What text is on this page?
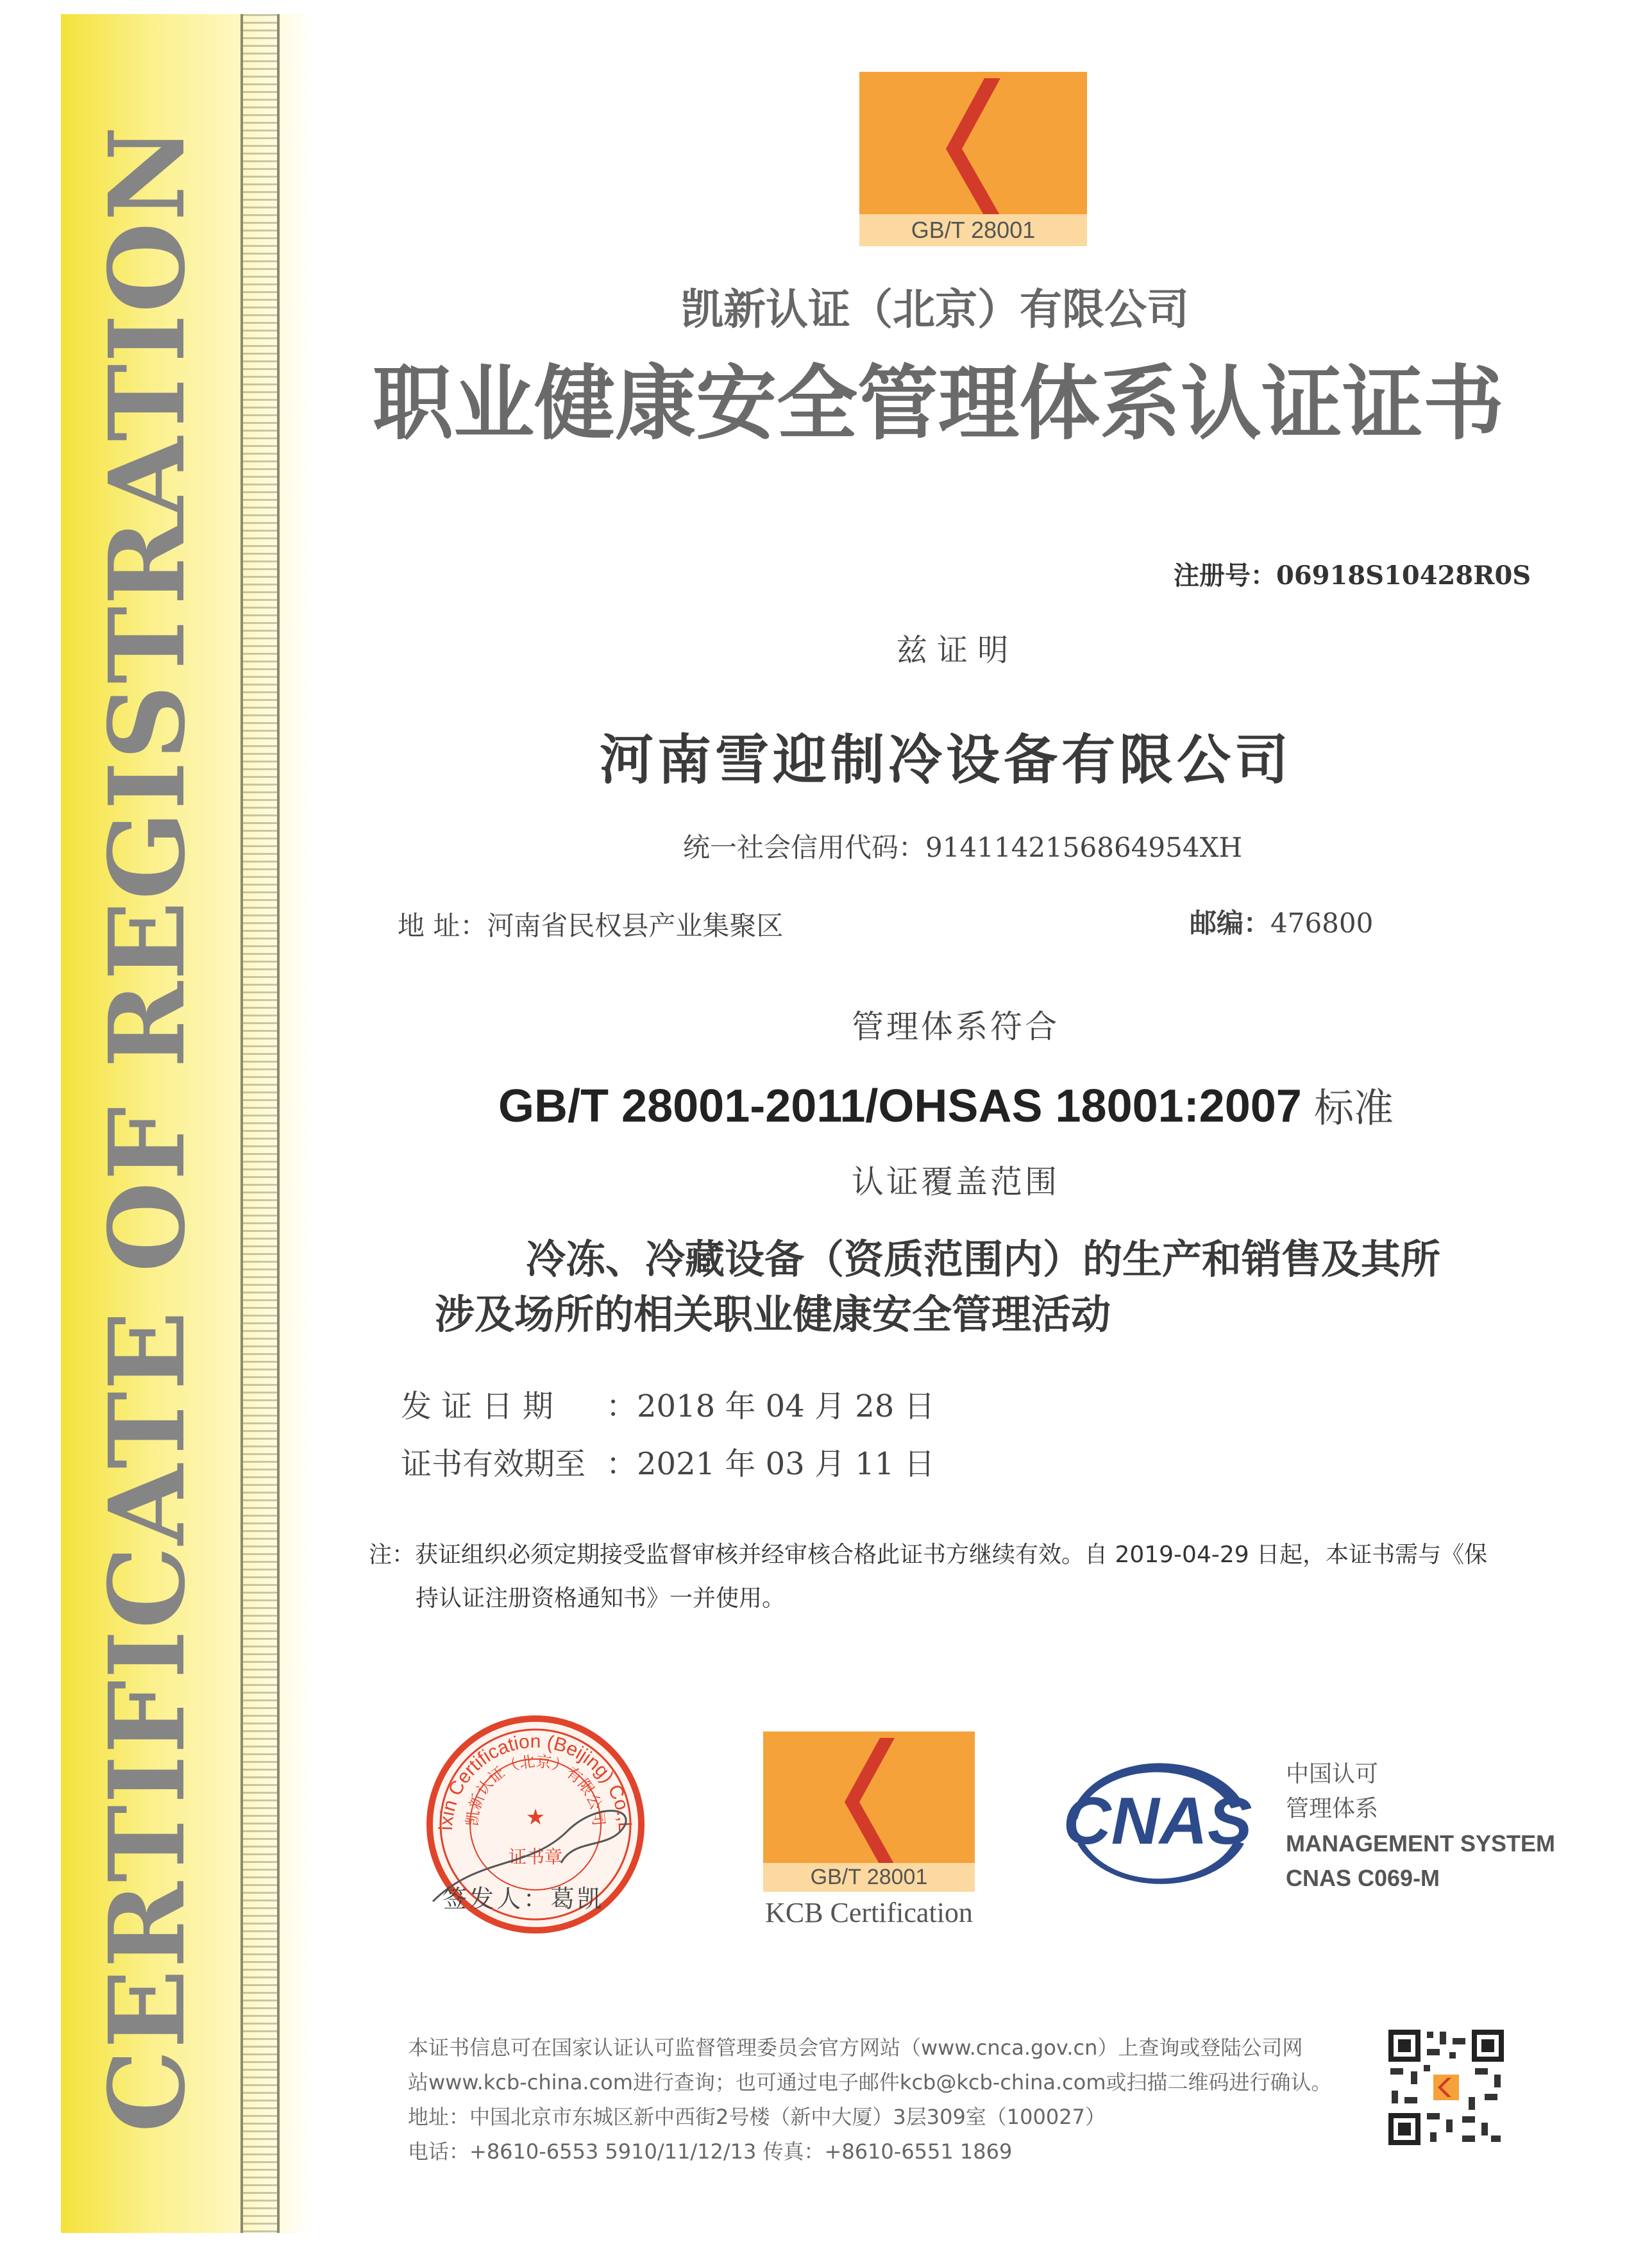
CERTIFICATE OF REGISTRATION	GB/T 28001
凯新认证（北京）有限公司
职业健康安全管理体系认证证书
注册号：06918S10428R0S
兹 证 明
河南雪迎制冷设备有限公司
统一社会信用代码：9141142156864954XH
地 址：河南省民权县产业集聚区	邮编：476800
管理体系符合
GB/T 28001-2011/OHSAS 18001:2007 标准
认证覆盖范围
冷冻、冷藏设备（资质范围内）的生产和销售及其所
涉及场所的相关职业健康安全管理活动
发 证 日 期 ：2018 年 04 月 28 日
证书有效期至 ：2021 年 03 月 11 日
注：获证组织必须定期接受监督审核并经审核合格此证书方继续有效。自 2019-04-29 日起，本证书需与《保
持认证注册资格通知书》一并使用。
ixin Certification (Beijing) Co.,L
凯新认证（北京）有限公司
★
证书章
签发人：葛凯
GB/T 28001
KCB Certification
CNAS
中国认可
管理体系
MANAGEMENT SYSTEM
CNAS C069-M
本证书信息可在国家认证认可监督管理委员会官方网站（www.cnca.gov.cn）上查询或登陆公司网
站www.kcb-china.com进行查询；也可通过电子邮件kcb@kcb-china.com或扫描二维码进行确认。
地址：中国北京市东城区新中西街2号楼（新中大厦）3层309室（100027）
电话：+8610-6553 5910/11/12/13 传真：+8610-6551 1869
